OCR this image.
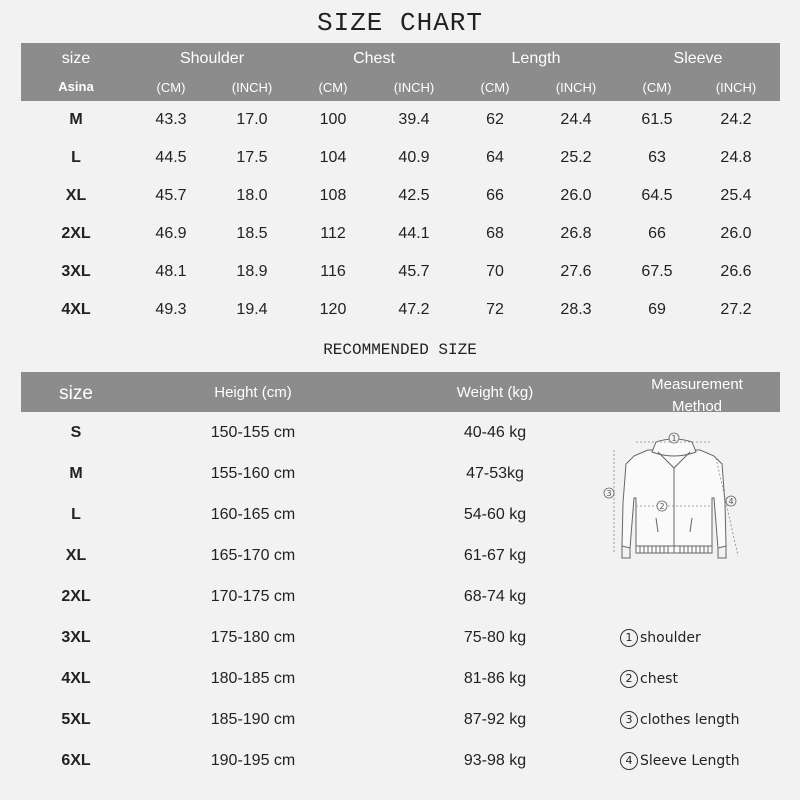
SIZE CHART
size	Shoulder	Chest	Length	Sleeve
Asina	(CM)	(INCH)	(CM)	(INCH)	(CM)	(INCH)	(CM)	(INCH)
M	43.3	17.0	100	39.4	62	24.4	61.5	24.2
L	44.5	17.5	104	40.9	64	25.2	63	24.8
XL	45.7	18.0	108	42.5	66	26.0	64.5	25.4
2XL	46.9	18.5	112	44.1	68	26.8	66	26.0
3XL	48.1	18.9	116	45.7	70	27.6	67.5	26.6
4XL	49.3	19.4	120	47.2	72	28.3	69	27.2
RECOMMENDED SIZE
size	Height (cm)	Weight (kg)	Measurement
Method
S	150-155 cm	40-46 kg
M	155-160 cm	47-53kg
L	160-165 cm	54-60 kg
XL	165-170 cm	61-67 kg
2XL	170-175 cm	68-74 kg
3XL	175-180 cm	75-80 kg
4XL	180-185 cm	81-86 kg
5XL	185-190 cm	87-92 kg
6XL	190-195 cm	93-98 kg
1
2
3
4
1 shoulder
2 chest
3 clothes length
4 Sleeve Length
